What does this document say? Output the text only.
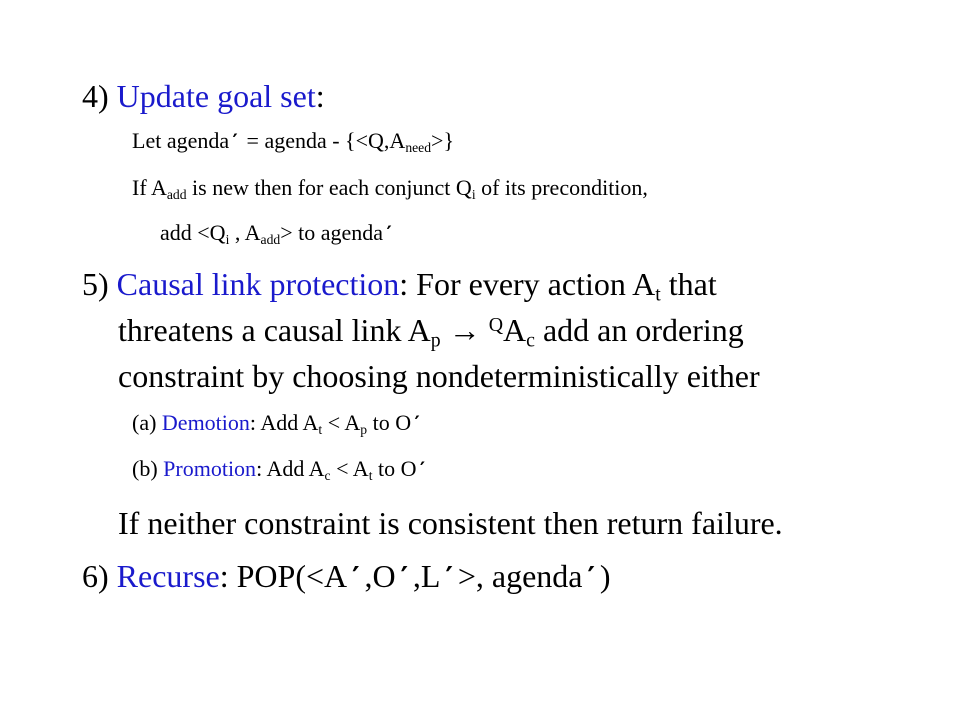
4) Update goal set:
Let agenda′ = agenda - $\{<Q,A_{need}>\}$
If $A_{add}$ is new then for each conjunct $Q_i$ of its precondition,
add $<Q_i$ , $A_{add}>$ to agenda′
5) Causal link protection: For every action $A_t$ that
threatens a causal link $A_p \to ^QA_c$ add an ordering
constraint by choosing nondeterministically either
(a) Demotion: Add $A_t < A_p$ to O′
(b) Promotion: Add $A_c < A_t$ to O′
If neither constraint is consistent then return failure.
6) Recurse: POP(<A′,O′,L′>, agenda′)
